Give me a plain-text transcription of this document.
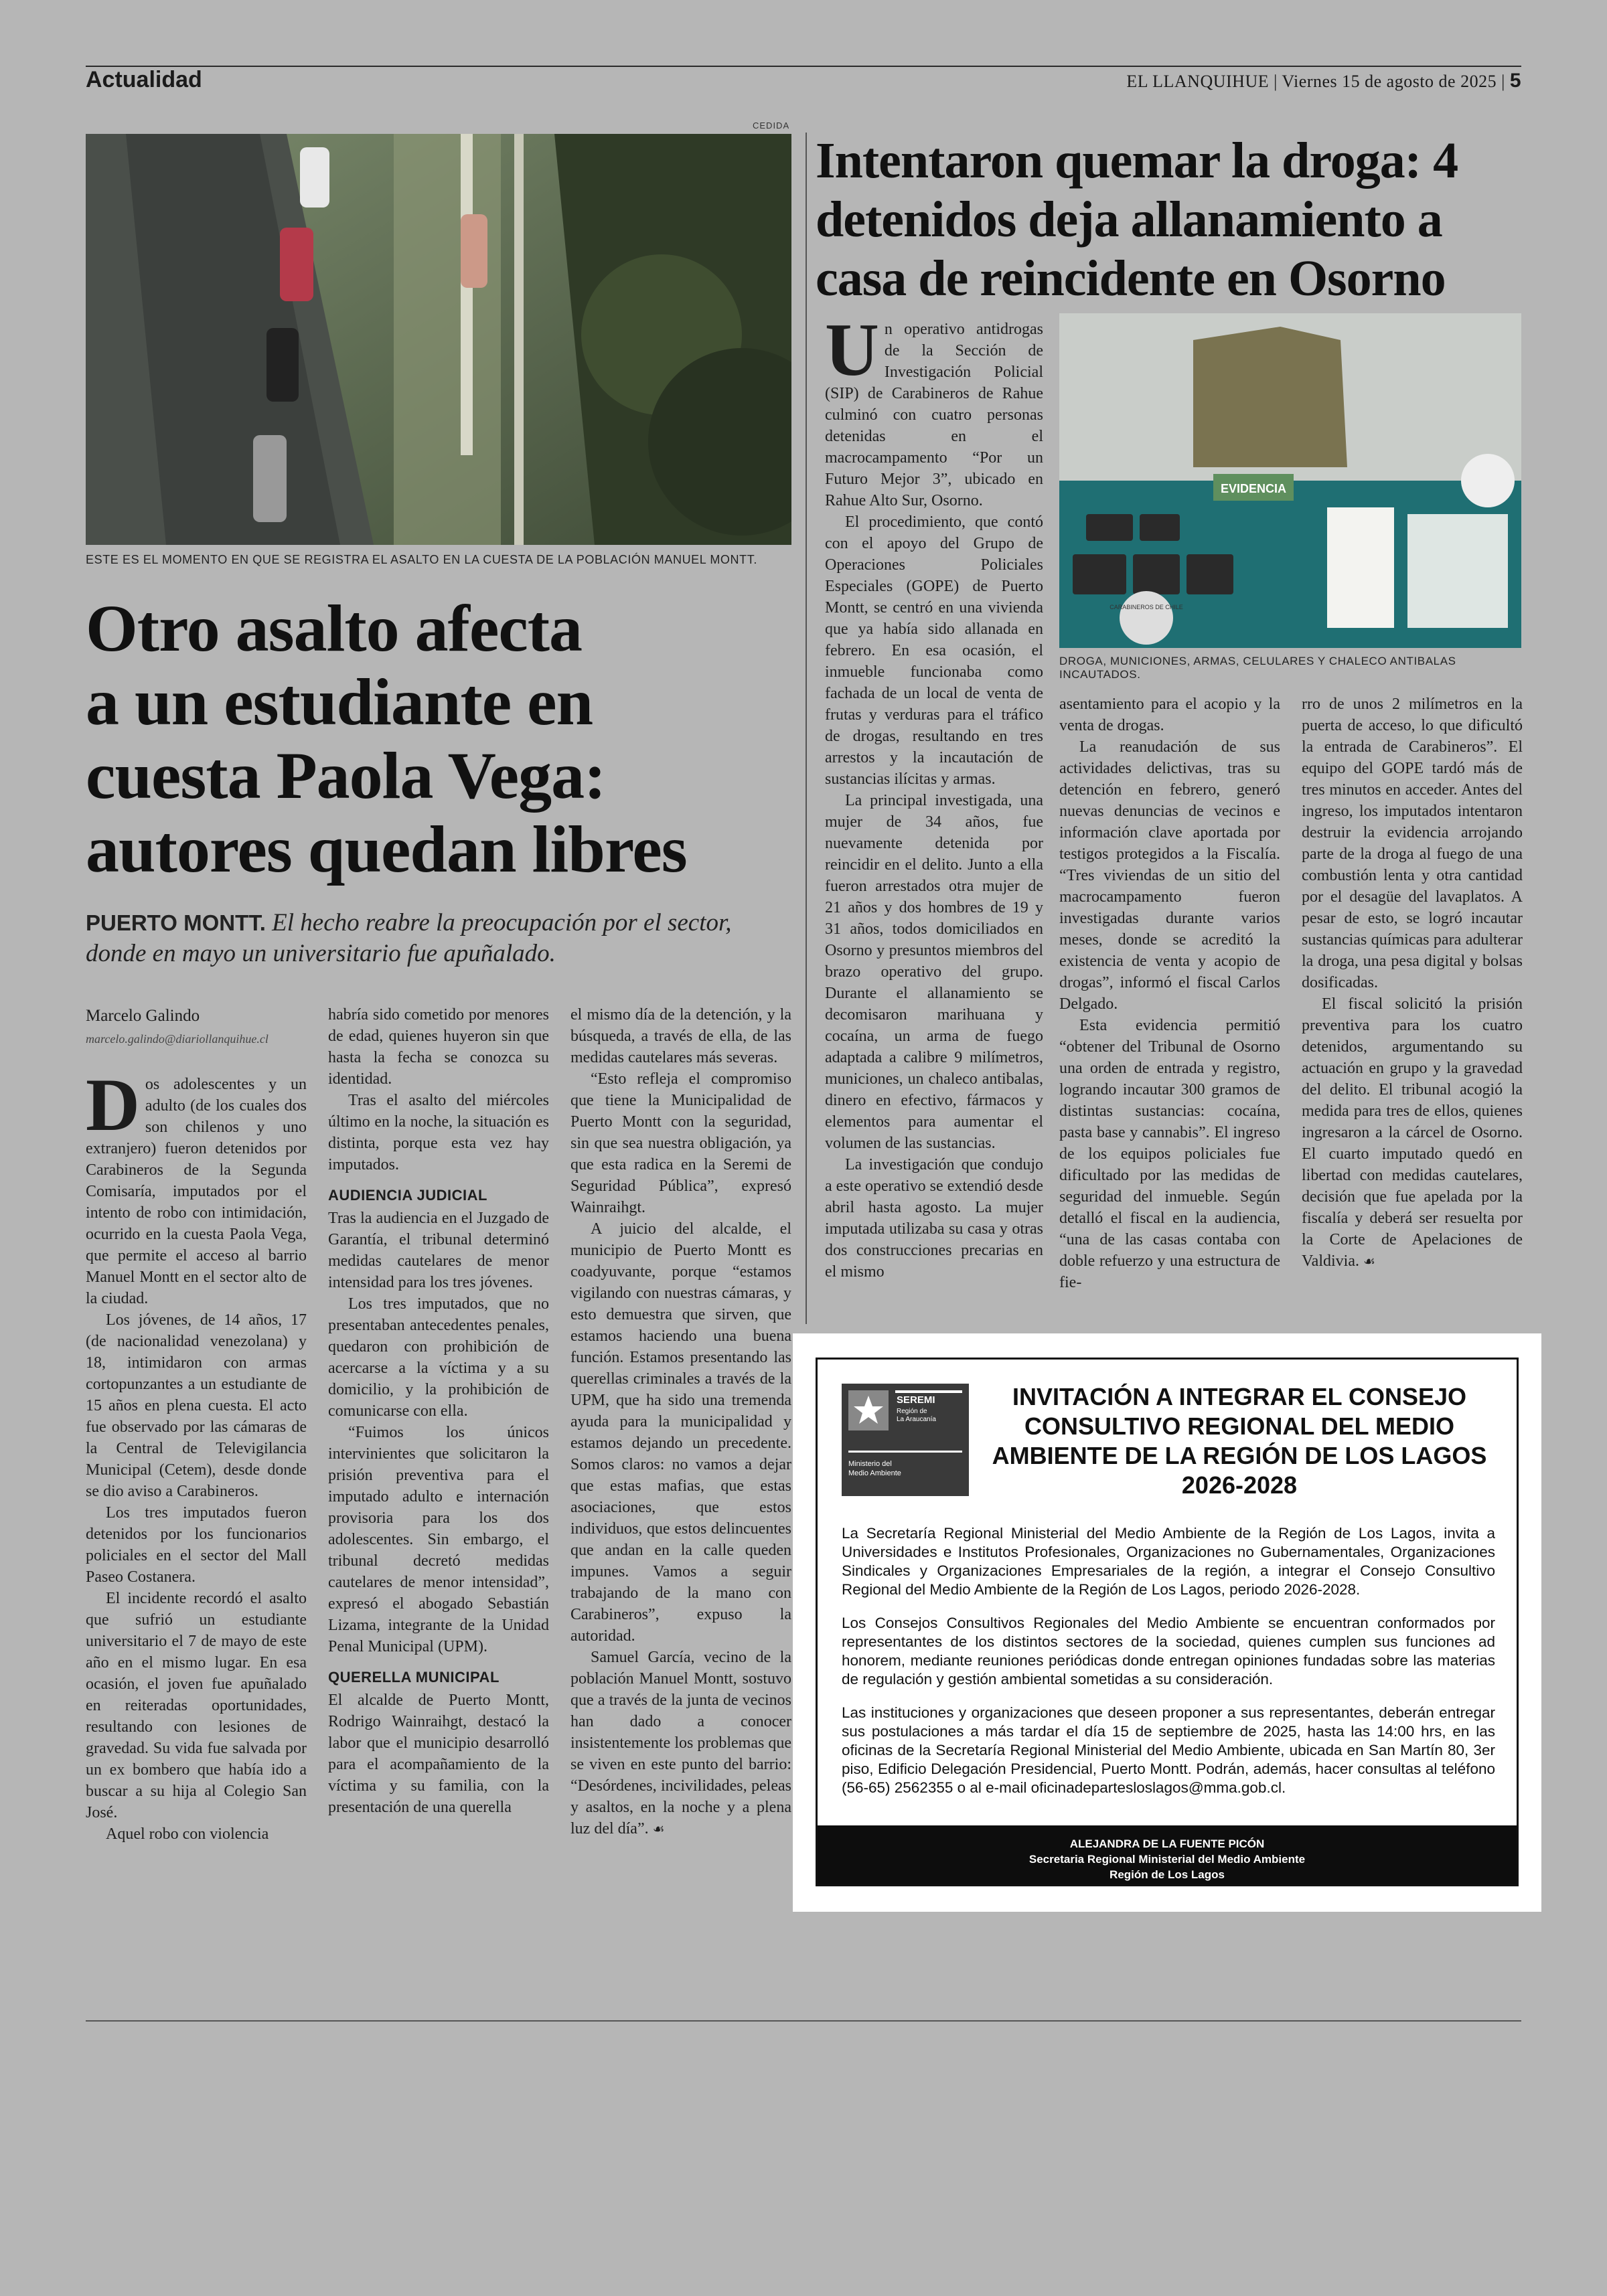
Actualidad	EL LLANQUIHUE | Viernes 15 de agosto de 2025 | 5
CEDIDA
ESTE ES EL MOMENTO EN QUE SE REGISTRA EL ASALTO EN LA CUESTA DE LA POBLACIÓN MANUEL MONTT.
Otro asalto afecta
a un estudiante en
cuesta Paola Vega:
autores quedan libres
PUERTO MONTT. El hecho reabre la preocupación por el sector, donde en mayo un universitario fue apuñalado.
Marcelo Galindo
marcelo.galindo@diariollanquihue.cl
D os adolescentes y un adulto (de los cuales dos son chilenos y uno extranjero) fueron detenidos por Carabineros de la Segunda Comisaría, imputados por el intento de robo con intimidación, ocurrido en la cuesta Paola Vega, que permite el acceso al barrio Manuel Montt en el sector alto de la ciudad.

Los jóvenes, de 14 años, 17 (de nacionalidad venezolana) y 18, intimidaron con armas cortopunzantes a un estudiante de 15 años en plena cuesta. El acto fue observado por las cámaras de la Central de Televigilancia Municipal (Cetem), desde donde se dio aviso a Carabineros.

Los tres imputados fueron detenidos por los funcionarios policiales en el sector del Mall Paseo Costanera.

El incidente recordó el asalto que sufrió un estudiante universitario el 7 de mayo de este año en el mismo lugar. En esa ocasión, el joven fue apuñalado en reiteradas oportunidades, resultando con lesiones de gravedad. Su vida fue salvada por un ex bombero que había ido a buscar a su hija al Colegio San José.

Aquel robo con violencia

habría sido cometido por menores de edad, quienes huyeron sin que hasta la fecha se conozca su identidad.

Tras el asalto del miércoles último en la noche, la situación es distinta, porque esta vez hay imputados.

AUDIENCIA JUDICIAL

Tras la audiencia en el Juzgado de Garantía, el tribunal determinó medidas cautelares de menor intensidad para los tres jóvenes.

Los tres imputados, que no presentaban antecedentes penales, quedaron con prohibición de acercarse a la víctima y a su domicilio, y la prohibición de comunicarse con ella.

“Fuimos los únicos intervinientes que solicitaron la prisión preventiva para el imputado adulto e internación provisoria para los dos adolescentes. Sin embargo, el tribunal decretó medidas cautelares de menor intensidad”, expresó el abogado Sebastián Lizama, integrante de la Unidad Penal Municipal (UPM).

QUERELLA MUNICIPAL

El alcalde de Puerto Montt, Rodrigo Wainraihgt, destacó la labor que el municipio desarrolló para el acompañamiento de la víctima y su familia, con la presentación de una querella

el mismo día de la detención, y la búsqueda, a través de ella, de las medidas cautelares más severas.

“Esto refleja el compromiso que tiene la Municipalidad de Puerto Montt con la seguridad, sin que sea nuestra obligación, ya que esta radica en la Seremi de Seguridad Pública”, expresó Wainraihgt.

A juicio del alcalde, el municipio de Puerto Montt es coadyuvante, porque “estamos vigilando con nuestras cámaras, y esto demuestra que sirven, que estamos haciendo una buena función. Estamos presentando las querellas criminales a través de la UPM, que ha sido una tremenda ayuda para la municipalidad y estamos dejando un precedente. Somos claros: no vamos a dejar que estas mafias, que estas asociaciones, que estos individuos, que estos delincuentes que andan en la calle queden impunes. Vamos a seguir trabajando de la mano con Carabineros”, expuso la autoridad.

Samuel García, vecino de la población Manuel Montt, sostuvo que a través de la junta de vecinos han dado a conocer insistentemente los problemas que se viven en este punto del barrio: “Desórdenes, incivilidades, peleas y asaltos, en la noche y a plena luz del día”. ☙

Intentaron quemar la droga: 4
detenidos deja allanamiento a
casa de reincidente en Osorno
EVIDENCIA
CARABINEROS DE CHILE
DROGA, MUNICIONES, ARMAS, CELULARES Y CHALECO ANTIBALAS INCAUTADOS.
U n operativo antidrogas de la Sección de Investigación Policial (SIP) de Carabineros de Rahue culminó con cuatro personas detenidas en el macrocampamento “Por un Futuro Mejor 3”, ubicado en Rahue Alto Sur, Osorno.

El procedimiento, que contó con el apoyo del Grupo de Operaciones Policiales Especiales (GOPE) de Puerto Montt, se centró en una vivienda que ya había sido allanada en febrero. En esa ocasión, el inmueble funcionaba como fachada de un local de venta de frutas y verduras para el tráfico de drogas, resultando en tres arrestos y la incautación de sustancias ilícitas y armas.

La principal investigada, una mujer de 34 años, fue nuevamente detenida por reincidir en el delito. Junto a ella fueron arrestados otra mujer de 21 años y dos hombres de 19 y 31 años, todos domiciliados en Osorno y presuntos miembros del brazo operativo del grupo. Durante el allanamiento se decomisaron marihuana y cocaína, un arma de fuego adaptada a calibre 9 milímetros, municiones, un chaleco antibalas, dinero en efectivo, fármacos y elementos para aumentar el volumen de las sustancias.

La investigación que condujo a este operativo se extendió desde abril hasta agosto. La mujer imputada utilizaba su casa y otras dos construcciones precarias en el mismo

asentamiento para el acopio y la venta de drogas.

La reanudación de sus actividades delictivas, tras su detención en febrero, generó nuevas denuncias de vecinos e información clave aportada por testigos protegidos a la Fiscalía. “Tres viviendas de un sitio del macrocampamento fueron investigadas durante varios meses, donde se acreditó la existencia de venta y acopio de drogas”, informó el fiscal Carlos Delgado.

Esta evidencia permitió “obtener del Tribunal de Osorno una orden de entrada y registro, logrando incautar 300 gramos de distintas sustancias: cocaína, pasta base y cannabis”. El ingreso de los equipos policiales fue dificultado por las medidas de seguridad del inmueble. Según detalló el fiscal en la audiencia, “una de las casas contaba con doble refuerzo y una estructura de fie-

rro de unos 2 milímetros en la puerta de acceso, lo que dificultó la entrada de Carabineros”. El equipo del GOPE tardó más de tres minutos en acceder. Antes del ingreso, los imputados intentaron destruir la evidencia arrojando parte de la droga al fuego de una combustión lenta y otra cantidad por el desagüe del lavaplatos. A pesar de esto, se logró incautar sustancias químicas para adulterar la droga, una pesa digital y bolsas dosificadas.

El fiscal solicitó la prisión preventiva para los cuatro detenidos, argumentando su actuación en grupo y la gravedad del delito. El tribunal acogió la medida para tres de ellos, quienes ingresaron a la cárcel de Osorno. El cuarto imputado quedó en libertad con medidas cautelares, decisión que fue apelada por la fiscalía y deberá ser resuelta por la Corte de Apelaciones de Valdivia. ☙

SEREMI
Región de
La Araucanía
Ministerio del
Medio Ambiente
INVITACIÓN A INTEGRAR EL CONSEJO
CONSULTIVO REGIONAL DEL MEDIO
AMBIENTE DE LA REGIÓN DE LOS LAGOS
2026-2028

La Secretaría Regional Ministerial del Medio Ambiente de la Región de Los Lagos, invita a Universidades e Institutos Profesionales, Organizaciones no Gubernamentales, Organizaciones Sindicales y Organizaciones Empresariales de la región, a integrar el Consejo Consultivo Regional del Medio Ambiente de la Región de Los Lagos, periodo 2026-2028.

Los Consejos Consultivos Regionales del Medio Ambiente se encuentran conformados por representantes de los distintos sectores de la sociedad, quienes cumplen sus funciones ad honorem, mediante reuniones periódicas donde entregan opiniones fundadas sobre las materias de regulación y gestión ambiental sometidas a su consideración.

Las instituciones y organizaciones que deseen proponer a sus representantes, deberán entregar sus postulaciones a más tardar el día 15 de septiembre de 2025, hasta las 14:00 hrs, en las oficinas de la Secretaría Regional Ministerial del Medio Ambiente, ubicada en San Martín 80, 3er piso, Edificio Delegación Presidencial, Puerto Montt. Podrán, además, hacer consultas al teléfono (56-65) 2562355 o al e-mail oficinadepartesloslagos@mma.gob.cl.

ALEJANDRA DE LA FUENTE PICÓN
Secretaria Regional Ministerial del Medio Ambiente
Región de Los Lagos
